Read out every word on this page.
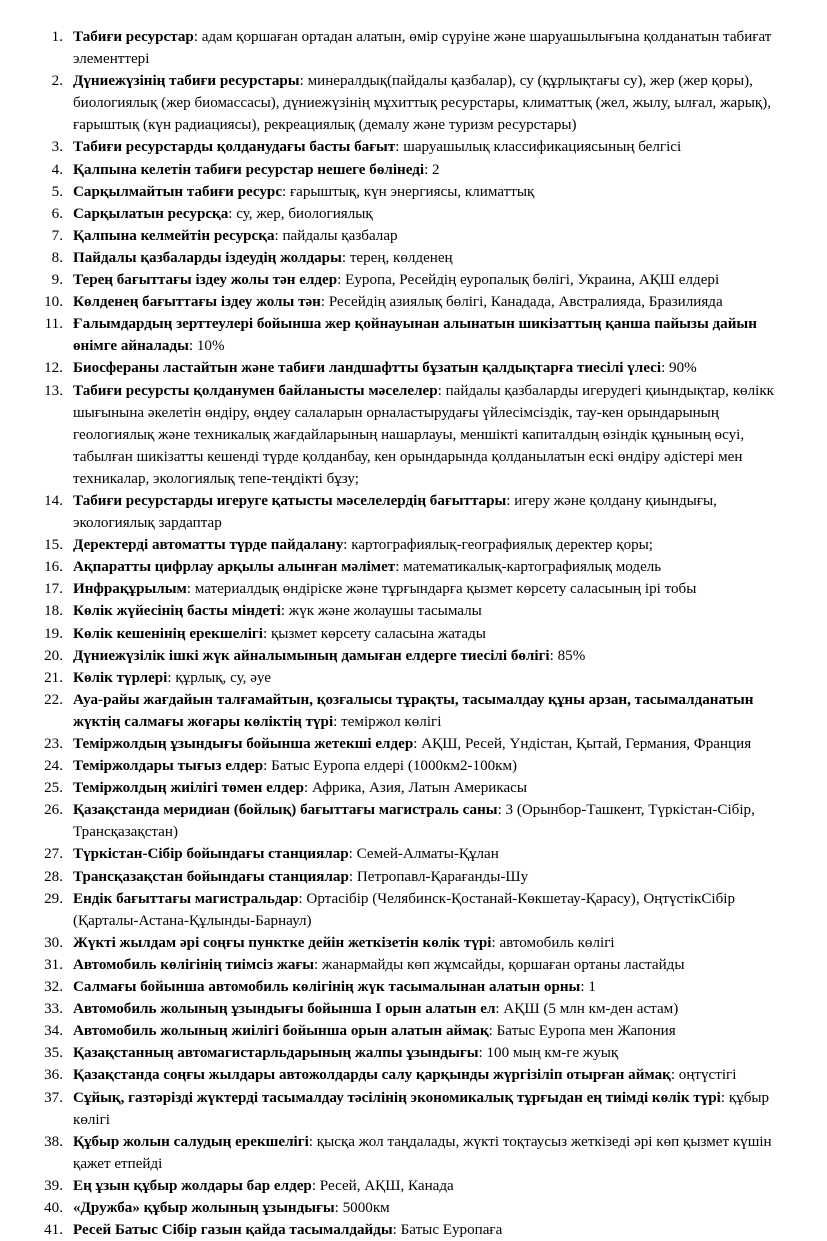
Табиғи ресурстар: адам қоршаған ортадан алатын, өмір сүруіне және шаруашылығына қолданатын табиғат элементтері
Дүниежүзінің табиғи ресурстары: минералдық(пайдалы қазбалар), су (құрлықтағы су), жер (жер қоры), биологиялық (жер биомассасы), дүниежүзінің мұхиттық ресурстары, климаттық (жел, жылу, ылғал, жарық), ғарыштық (күн радиациясы), рекреациялық (демалу және туризм ресурстары)
Табиғи ресурстарды қолданудағы басты бағыт: шаруашылық классификациясының белгісі
Қалпына келетін табиғи ресурстар нешеге бөлінеді: 2
Сарқылмайтын табиғи ресурс: ғарыштық, күн энергиясы, климаттық
Сарқылатын ресурсқа: су, жер, биологиялық
Қалпына келмейтін ресурсқа: пайдалы қазбалар
Пайдалы қазбаларды іздеудің жолдары: терең, көлденең
Терең бағыттағы іздеу жолы тән елдер: Еуропа, Ресейдің еуропалық бөлігі, Украина, АҚШ елдері
Көлденең бағыттағы іздеу жолы тән: Ресейдің азиялық бөлігі, Канадада, Австралияда, Бразилияда
Ғалымдардың зерттеулері бойынша жер қойнауынан алынатын шикізаттың қанша пайызы дайын өнімге айналады: 10%
Биосфераны ластайтын және табиғи ландшафтты бұзатын қалдықтарға тиесілі үлесі: 90%
Табиғи ресурсты қолданумен байланысты мәселелер: пайдалы қазбаларды игерудегі қиындықтар, көлікк шығынына әкелетін өндіру, өңдеу салаларын орналастырудағы үйлесімсіздік, тау-кен орындарының геологиялық және техникалық жағдайларының нашарлауы, меншікті капиталдың өзіндік құнының өсуі, табылған шикізатты кешенді түрде қолданбау, кен орындарында қолданылатын ескі өндіру әдістері мен техникалар, экологиялық тепе-теңдікті бұзу;
Табиғи ресурстарды игеруге қатысты мәселелердің бағыттары: игеру және қолдану қиындығы, экологиялық зардаптар
Деректерді автоматты түрде пайдалану: картографиялық-географиялық деректер қоры;
Ақпаратты цифрлау арқылы алынған мәлімет: математикалық-картографиялық модель
Инфрақұрылым: материалдық өндіріске және тұрғындарға қызмет көрсету саласының ірі тобы
Көлік жүйесінің басты міндеті: жүк және жолаушы тасымалы
Көлік кешенінің ерекшелігі: қызмет көрсету саласына жатады
Дүниежүзілік ішкі жүк айналымының дамыған елдерге тиесілі бөлігі: 85%
Көлік түрлері: құрлық, су, әуе
Ауа-райы жағдайын талғамайтын, қозғалысы тұрақты, тасымалдау құны арзан, тасымалданатын жүктің салмағы жоғары көліктің түрі: теміржол көлігі
Теміржолдың ұзындығы бойынша жетекші елдер: АҚШ, Ресей, Үндістан, Қытай, Германия, Франция
Теміржолдары тығыз елдер: Батыс Еуропа елдері (1000км2-100км)
Теміржолдың жиілігі төмен елдер: Африка, Азия, Латын Америкасы
Қазақстанда меридиан (бойлық) бағыттағы магистраль саны: 3 (Орынбор-Ташкент, Түркістан-Сібір, Трансқазақстан)
Түркістан-Сібір бойындағы станциялар: Семей-Алматы-Құлан
Трансқазақстан бойындағы станциялар: Петропавл-Қарағанды-Шу
Ендік бағыттағы магистральдар: Ортасібір (Челябинск-Қостанай-Көкшетау-Қарасу), ОңтүстікСібір (Қарталы-Астана-Құлынды-Барнаул)
Жүкті жылдам әрі соңғы пунктке дейін жеткізетін көлік түрі: автомобиль көлігі
Автомобиль көлігінің тиімсіз жағы: жанармайды көп жұмсайды, қоршаған ортаны ластайды
Салмағы бойынша автомобиль көлігінің жүк тасымалынан алатын орны: 1
Автомобиль жолының ұзындығы бойынша I орын алатын ел: АҚШ (5 млн км-ден астам)
Автомобиль жолының жиілігі бойынша орын алатын аймақ: Батыс Еуропа мен Жапония
Қазақстанның автомагистарльдарының жалпы ұзындығы: 100 мың км-ге жуық
Қазақстанда соңғы жылдары автожолдарды салу қарқынды жүргізіліп отырған аймақ: оңтүстігі
Сұйық, газтәрізді жүктерді тасымалдау тәсілінің экономикалық тұрғыдан ең тиімді көлік түрі: құбыр көлігі
Құбыр жолын салудың ерекшелігі: қысқа жол таңдалады, жүкті тоқтаусыз жеткізеді әрі көп қызмет күшін қажет етпейді
Ең ұзын құбыр жолдары бар елдер: Ресей, АҚШ, Канада
«Дружба» құбыр жолының ұзындығы: 5000км
Ресей Батыс Сібір газын қайда тасымалдайды: Батыс Еуропаға
